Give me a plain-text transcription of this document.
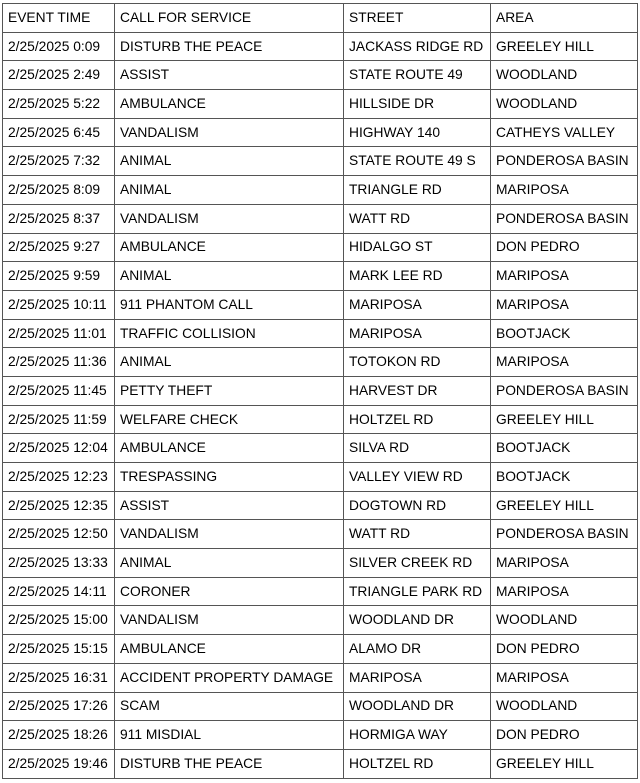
EVENT TIME	CALL FOR SERVICE	STREET	AREA
2/25/2025 0:09	DISTURB THE PEACE	JACKASS RIDGE RD	GREELEY HILL
2/25/2025 2:49	ASSIST	STATE ROUTE 49	WOODLAND
2/25/2025 5:22	AMBULANCE	HILLSIDE DR	WOODLAND
2/25/2025 6:45	VANDALISM	HIGHWAY 140	CATHEYS VALLEY
2/25/2025 7:32	ANIMAL	STATE ROUTE 49 S	PONDEROSA BASIN
2/25/2025 8:09	ANIMAL	TRIANGLE RD	MARIPOSA
2/25/2025 8:37	VANDALISM	WATT RD	PONDEROSA BASIN
2/25/2025 9:27	AMBULANCE	HIDALGO ST	DON PEDRO
2/25/2025 9:59	ANIMAL	MARK LEE RD	MARIPOSA
2/25/2025 10:11	911 PHANTOM CALL	MARIPOSA	MARIPOSA
2/25/2025 11:01	TRAFFIC COLLISION	MARIPOSA	BOOTJACK
2/25/2025 11:36	ANIMAL	TOTOKON RD	MARIPOSA
2/25/2025 11:45	PETTY THEFT	HARVEST DR	PONDEROSA BASIN
2/25/2025 11:59	WELFARE CHECK	HOLTZEL RD	GREELEY HILL
2/25/2025 12:04	AMBULANCE	SILVA RD	BOOTJACK
2/25/2025 12:23	TRESPASSING	VALLEY VIEW RD	BOOTJACK
2/25/2025 12:35	ASSIST	DOGTOWN RD	GREELEY HILL
2/25/2025 12:50	VANDALISM	WATT RD	PONDEROSA BASIN
2/25/2025 13:33	ANIMAL	SILVER CREEK RD	MARIPOSA
2/25/2025 14:11	CORONER	TRIANGLE PARK RD	MARIPOSA
2/25/2025 15:00	VANDALISM	WOODLAND DR	WOODLAND
2/25/2025 15:15	AMBULANCE	ALAMO DR	DON PEDRO
2/25/2025 16:31	ACCIDENT PROPERTY DAMAGE	MARIPOSA	MARIPOSA
2/25/2025 17:26	SCAM	WOODLAND DR	WOODLAND
2/25/2025 18:26	911 MISDIAL	HORMIGA WAY	DON PEDRO
2/25/2025 19:46	DISTURB THE PEACE	HOLTZEL RD	GREELEY HILL
